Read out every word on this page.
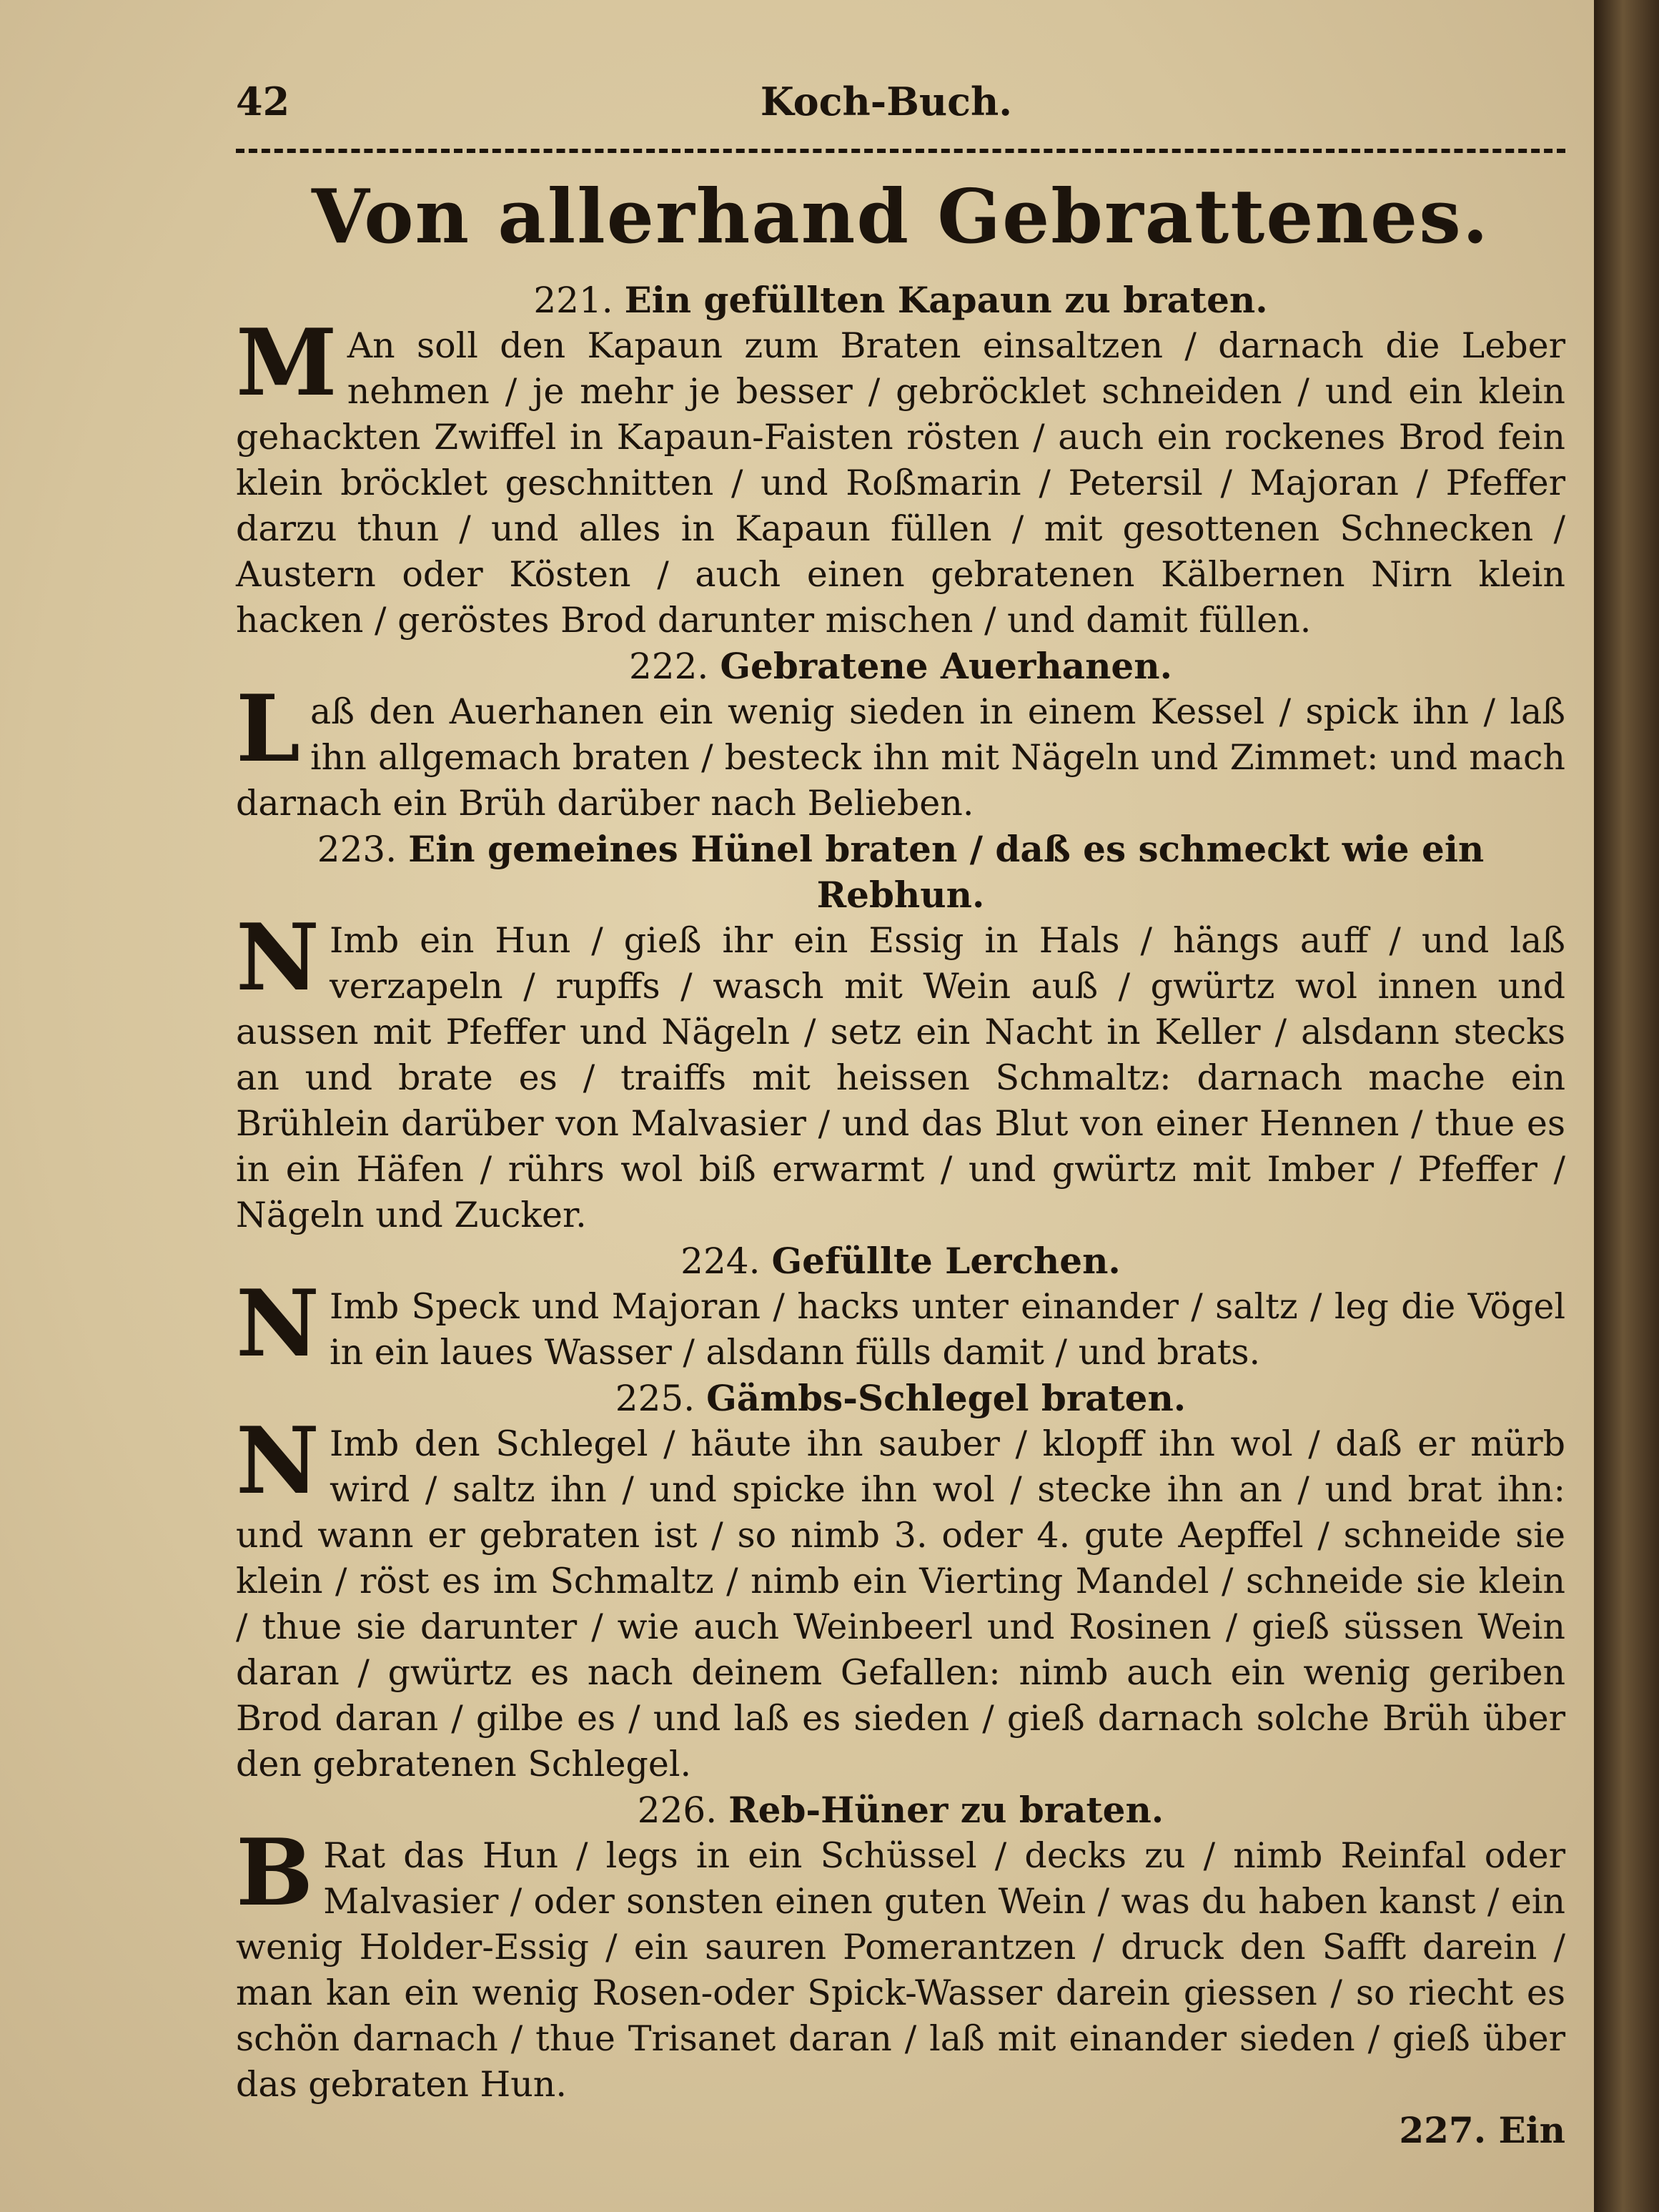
42	Koch-Buch.
Von allerhand Gebrattenes.
221. Ein gefüllten Kapaun zu braten.

MAn soll den Kapaun zum Braten einsaltzen / darnach die Leber nehmen / je mehr je besser / gebröcklet schneiden / und ein klein gehackten Zwiffel in Kapaun-Faisten rösten / auch ein rockenes Brod fein klein bröcklet geschnitten / und Roßmarin / Petersil / Majoran / Pfeffer darzu thun / und alles in Kapaun füllen / mit gesottenen Schnecken / Austern oder Kösten / auch einen gebratenen Kälbernen Nirn klein hacken / geröstes Brod darunter mischen / und damit füllen.

222. Gebratene Auerhanen.

Laß den Auerhanen ein wenig sieden in einem Kessel / spick ihn / laß ihn allgemach braten / besteck ihn mit Nägeln und Zimmet: und mach darnach ein Brüh darüber nach Belieben.

223. Ein gemeines Hünel braten / daß es schmeckt wie ein Rebhun.

NImb ein Hun / gieß ihr ein Essig in Hals / hängs auff / und laß verzapeln / rupffs / wasch mit Wein auß / gwürtz wol innen und aussen mit Pfeffer und Nägeln / setz ein Nacht in Keller / alsdann stecks an und brate es / traiffs mit heissen Schmaltz: darnach mache ein Brühlein darüber von Malvasier / und das Blut von einer Hennen / thue es in ein Häfen / rührs wol biß erwarmt / und gwürtz mit Imber / Pfeffer / Nägeln und Zucker.

224. Gefüllte Lerchen.

NImb Speck und Majoran / hacks unter einander / saltz / leg die Vögel in ein laues Wasser / alsdann fülls damit / und brats.

225. Gämbs-Schlegel braten.

NImb den Schlegel / häute ihn sauber / klopff ihn wol / daß er mürb wird / saltz ihn / und spicke ihn wol / stecke ihn an / und brat ihn: und wann er gebraten ist / so nimb 3. oder 4. gute Aepffel / schneide sie klein / röst es im Schmaltz / nimb ein Vierting Mandel / schneide sie klein / thue sie darunter / wie auch Weinbeerl und Rosinen / gieß süssen Wein daran / gwürtz es nach deinem Gefallen: nimb auch ein wenig geriben Brod daran / gilbe es / und laß es sieden / gieß darnach solche Brüh über den gebratenen Schlegel.

226. Reb-Hüner zu braten.

BRat das Hun / legs in ein Schüssel / decks zu / nimb Reinfal oder Malvasier / oder sonsten einen guten Wein / was du haben kanst / ein wenig Holder-Essig / ein sauren Pomerantzen / druck den Safft darein / man kan ein wenig Rosen-oder Spick-Wasser darein giessen / so riecht es schön darnach / thue Trisanet daran / laß mit einander sieden / gieß über das gebraten Hun.

227. Ein
